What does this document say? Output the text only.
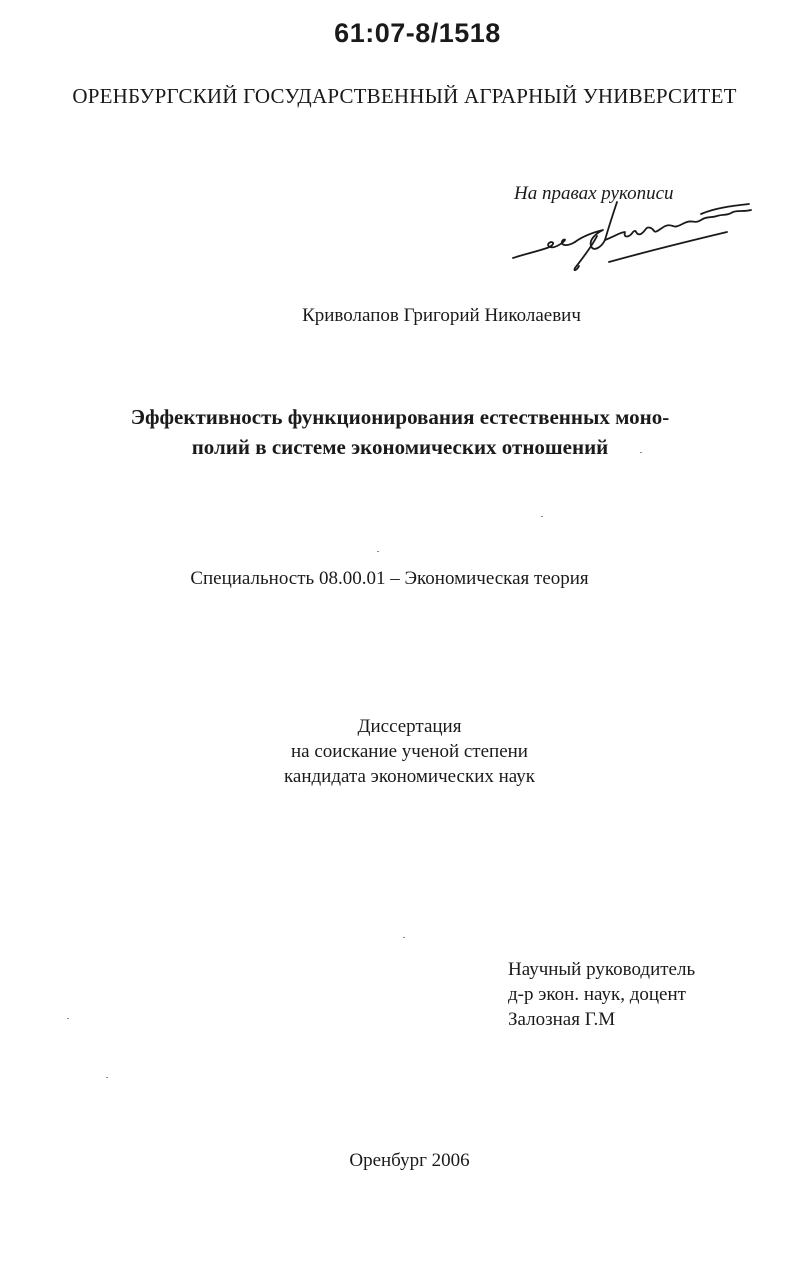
61:07-8/1518
ОРЕНБУРГСКИЙ ГОСУДАРСТВЕННЫЙ АГРАРНЫЙ УНИВЕРСИТЕТ
На правах рукописи
Криволапов Григорий Николаевич
Эффективность функционирования естественных моно-
полий в системе экономических отношений
Специальность 08.00.01 – Экономическая теория
Диссертация
на соискание ученой степени
кандидата экономических наук
Научный руководитель
д-р экон. наук, доцент
Залозная Г.М
Оренбург 2006
